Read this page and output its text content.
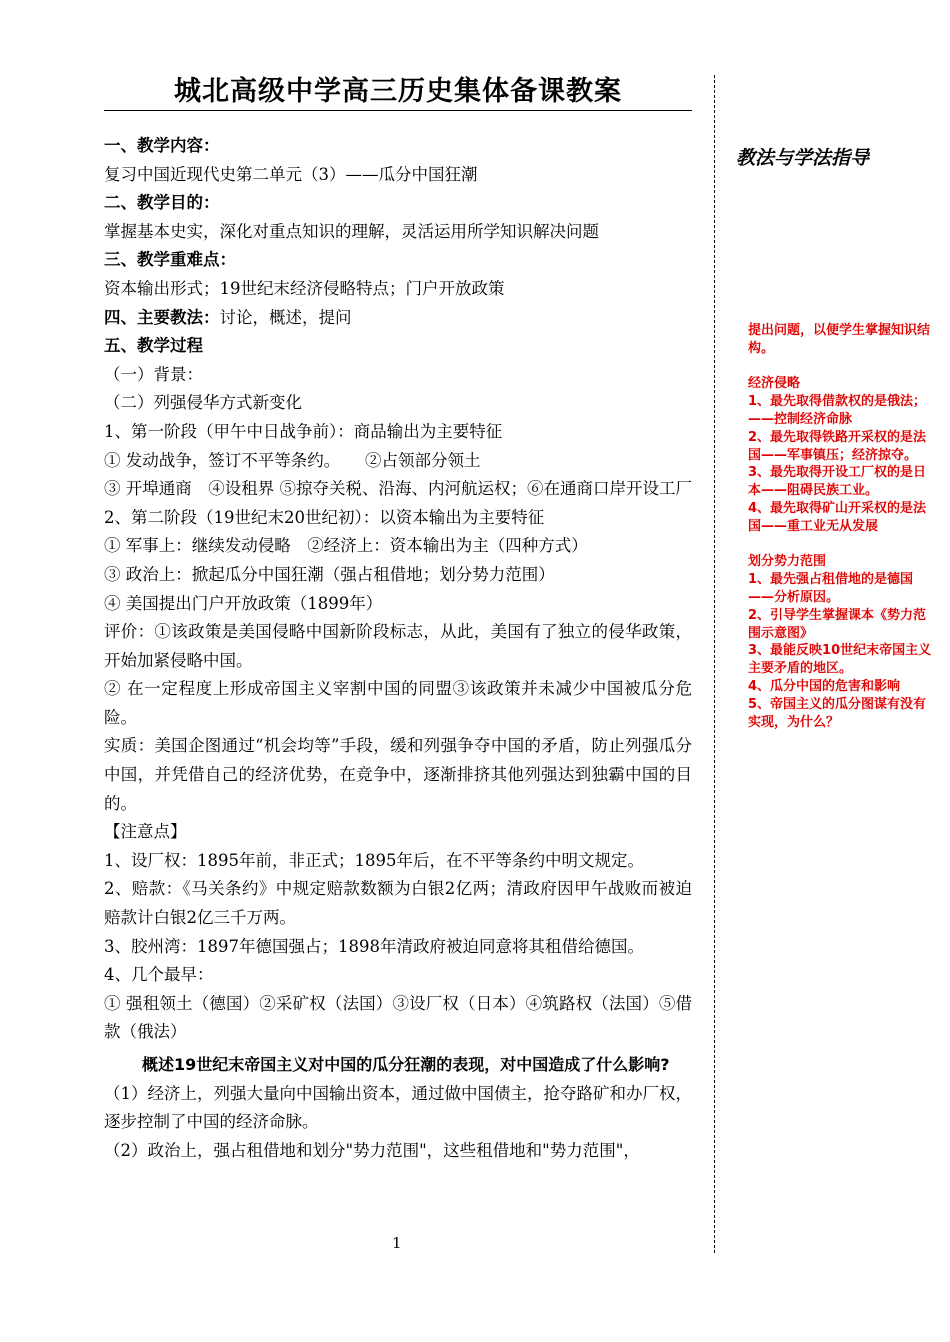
城北高级中学高三历史集体备课教案

一、教学内容：

复习中国近现代史第二单元（3）——瓜分中国狂潮

二、教学目的：

掌握基本史实，深化对重点知识的理解，灵活运用所学知识解决问题

三、教学重难点：

资本输出形式；19世纪末经济侵略特点；门户开放政策

四、主要教法：讨论，概述，提问

五、教学过程

（一）背景：

（二）列强侵华方式新变化

1、第一阶段（甲午中日战争前）：商品输出为主要特征

① 发动战争，签订不平等条约。　　②占领部分领土

③ 开埠通商　④设租界 ⑤掠夺关税、沿海、内河航运权；⑥在通商口岸开设工厂

2、第二阶段（19世纪末20世纪初）：以资本输出为主要特征

① 军事上：继续发动侵略　②经济上：资本输出为主（四种方式）

③ 政治上：掀起瓜分中国狂潮（强占租借地；划分势力范围）

④ 美国提出门户开放政策（1899年）

评价：①该政策是美国侵略中国新阶段标志，从此，美国有了独立的侵华政策，开始加紧侵略中国。

② 在一定程度上形成帝国主义宰割中国的同盟③该政策并未减少中国被瓜分危险。

实质：美国企图通过“机会均等”手段，缓和列强争夺中国的矛盾，防止列强瓜分中国，并凭借自己的经济优势，在竞争中，逐渐排挤其他列强达到独霸中国的目的。

【注意点】

1、设厂权：1895年前，非正式；1895年后，在不平等条约中明文规定。

2、赔款：《马关条约》中规定赔款数额为白银2亿两；清政府因甲午战败而被迫赔款计白银2亿三千万两。

3、胶州湾：1897年德国强占；1898年清政府被迫同意将其租借给德国。

4、几个最早：

① 强租领土（德国）②采矿权（法国）③设厂权（日本）④筑路权（法国）⑤借款（俄法）

概述19世纪末帝国主义对中国的瓜分狂潮的表现，对中国造成了什么影响?

（1）经济上，列强大量向中国输出资本，通过做中国债主，抢夺路矿和办厂权，逐步控制了中国的经济命脉。

（2）政治上，强占租借地和划分"势力范围"，这些租借地和"势力范围"，

教法与学法指导

提出问题，以便学生掌握知识结构。

经济侵略

1、最先取得借款权的是俄法；——控制经济命脉

2、最先取得铁路开采权的是法国——军事镇压；经济掠夺。

3、最先取得开设工厂权的是日本——阻碍民族工业。

4、最先取得矿山开采权的是法国——重工业无从发展

划分势力范围

1、最先强占租借地的是德国——分析原因。

2、引导学生掌握课本《势力范围示意图》

3、最能反映10世纪末帝国主义主要矛盾的地区。

4、瓜分中国的危害和影响

5、帝国主义的瓜分图谋有没有实现，为什么？

1
